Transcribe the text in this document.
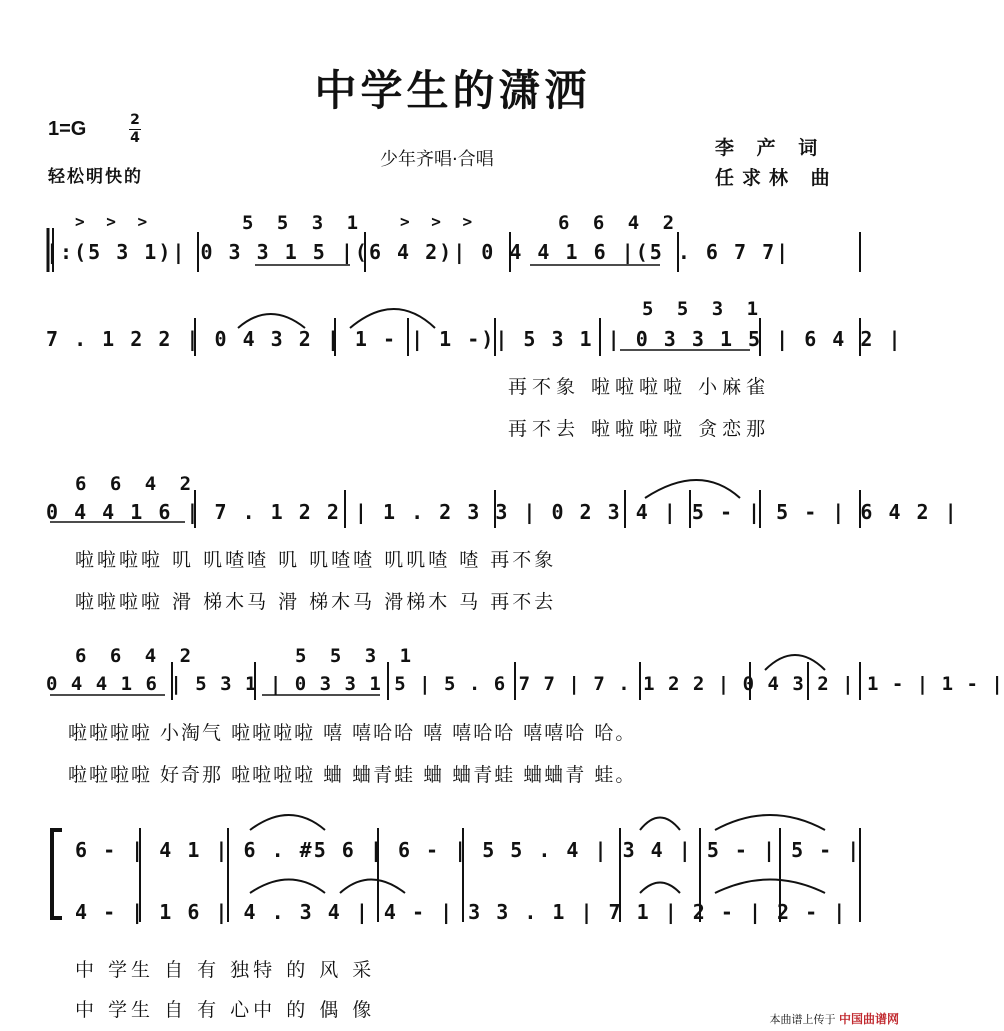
中学生的潇洒
1=G	2
4
轻松明快的
少年齐唱·合唱
李 产 词
任求林 曲
> > >	5 5 3 1 > > >	6 6 4 2
|:(5 3 1)| 0 3 3 1 5 |(6 4 2)| 0 4 4 1 6 |(5 . 6 7 7|
5 5 3 1
7 . 1 2 2 | 0 4 3 2 | 1 - | 1 -)| 5 3 1 | 0 3 3 1 5 | 6 4 2 |
再不象 啦啦啦啦 小麻雀
再不去 啦啦啦啦 贪恋那
6 6 4 2
0 4 4 1 6 | 7 . 1 2 2 | 1 . 2 3 3 | 0 2 3 4 | 5 - | 5 - | 6 4 2 |
啦啦啦啦 叽 叽喳喳 叽 叽喳喳 叽叽喳 喳 再不象
啦啦啦啦 滑 梯木马 滑 梯木马 滑梯木 马 再不去
6 6 4 2	5 5 3 1
0 4 4 1 6 | 5 3 1 | 0 3 3 1 5 | 5 . 6 7 7 | 7 . 1 2 2 | 0 4 3 2 | 1 - | 1 - |
啦啦啦啦 小淘气 啦啦啦啦 嘻 嘻哈哈 嘻 嘻哈哈 嘻嘻哈 哈。
啦啦啦啦 好奇那 啦啦啦啦 蛐 蛐青蛙 蛐 蛐青蛙 蛐蛐青 蛙。
6 - | 4 1 | 6 . #5 6 | 6 - | 5 5 . 4 | 3 4 | 5 - | 5 - |
4 - | 1 6 | 4 . 3 4 | 4 - | 3 3 . 1 | 7 1 | 2 - | 2 - |
中 学生 自 有 独特 的 风 采
中 学生 自 有 心中 的 偶 像	本曲谱上传于 中国曲谱网
